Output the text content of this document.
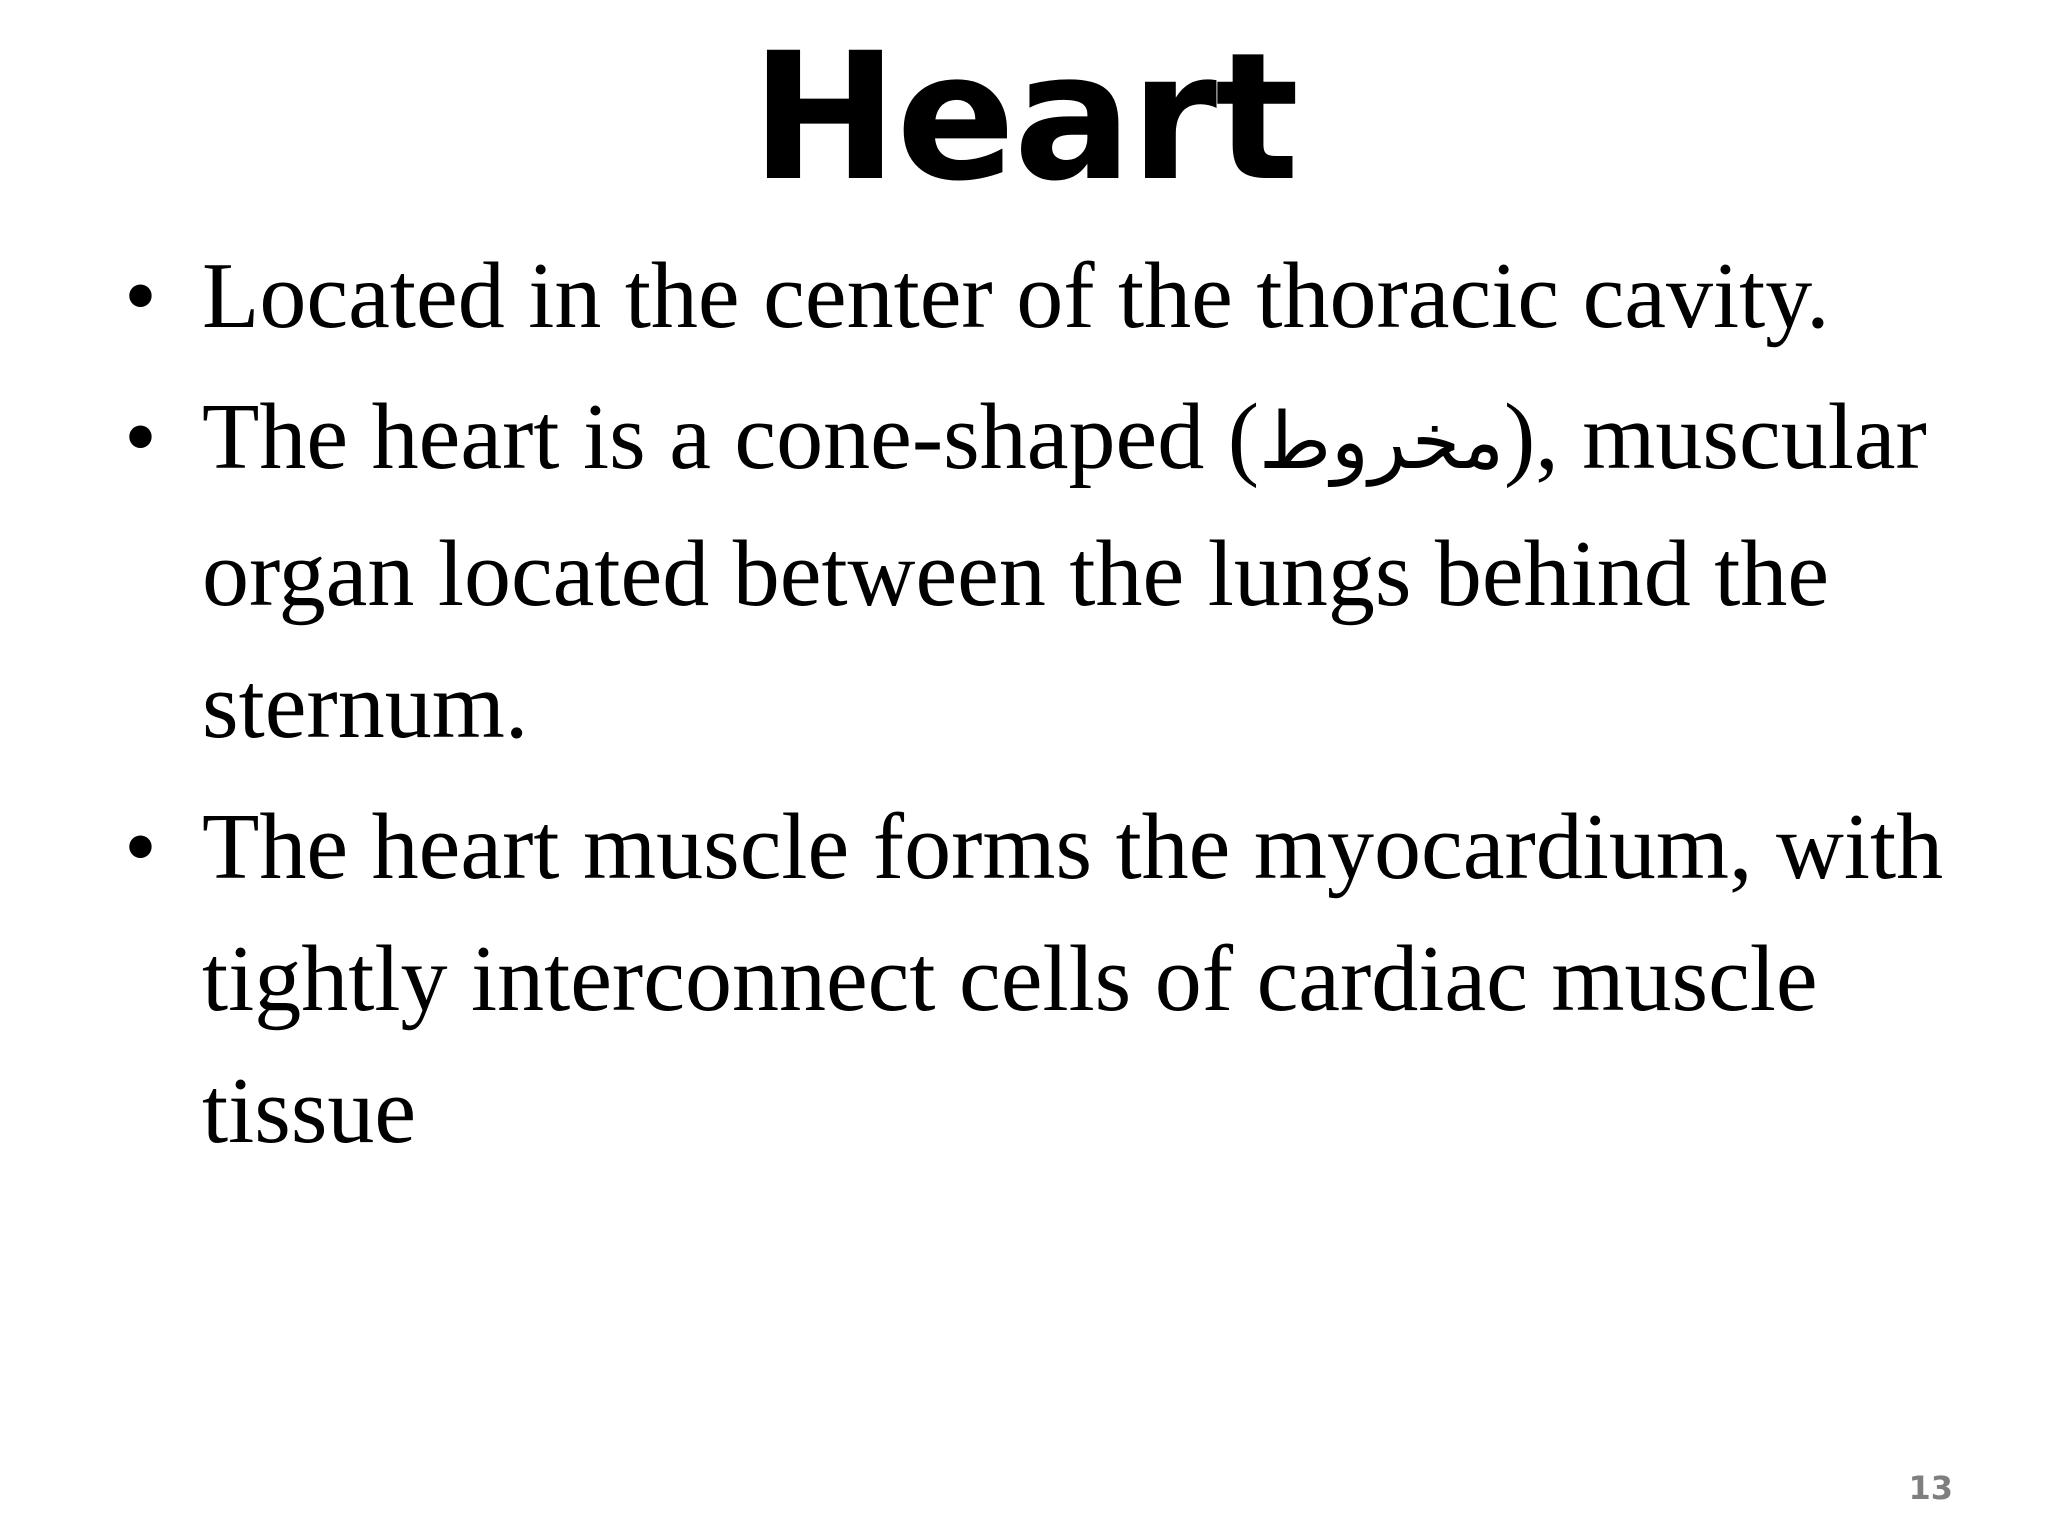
Heart
• Located in the center of the thoracic cavity.
• The heart is a cone-shaped (مخروط), muscular organ located between the lungs behind the sternum.
• The heart muscle forms the myocardium, with tightly interconnect cells of cardiac muscle tissue
13
